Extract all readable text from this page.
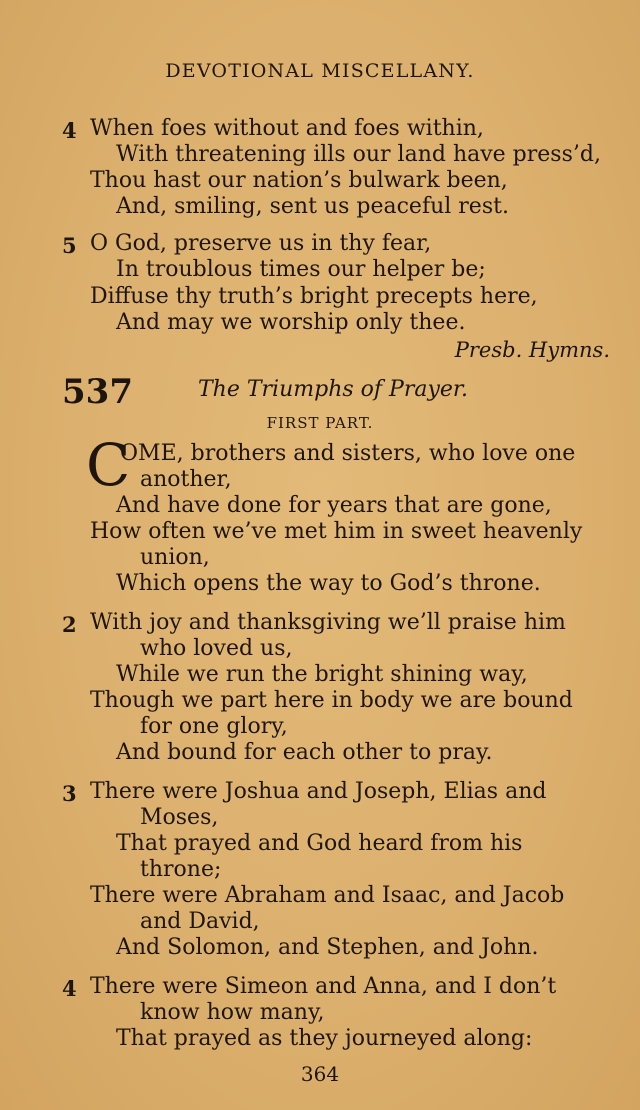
DEVOTIONAL MISCELLANY.
4 When foes without and foes within,
With threatening ills our land have press’d,
Thou hast our nation’s bulwark been,
And, smiling, sent us peaceful rest.
5 O God, preserve us in thy fear,
In troublous times our helper be;
Diffuse thy truth’s bright precepts here,
And may we worship only thee.
Presb. Hymns.
537	The Triumphs of Prayer.
FIRST PART.
C
OME, brothers and sisters, who love one
another,
And have done for years that are gone,
How often we’ve met him in sweet heavenly
union,
Which opens the way to God’s throne.
2 With joy and thanksgiving we’ll praise him
who loved us,
While we run the bright shining way,
Though we part here in body we are bound
for one glory,
And bound for each other to pray.
3 There were Joshua and Joseph, Elias and
Moses,
That prayed and God heard from his
throne;
There were Abraham and Isaac, and Jacob
and David,
And Solomon, and Stephen, and John.
4 There were Simeon and Anna, and I don’t
know how many,
That prayed as they journeyed along:
364
